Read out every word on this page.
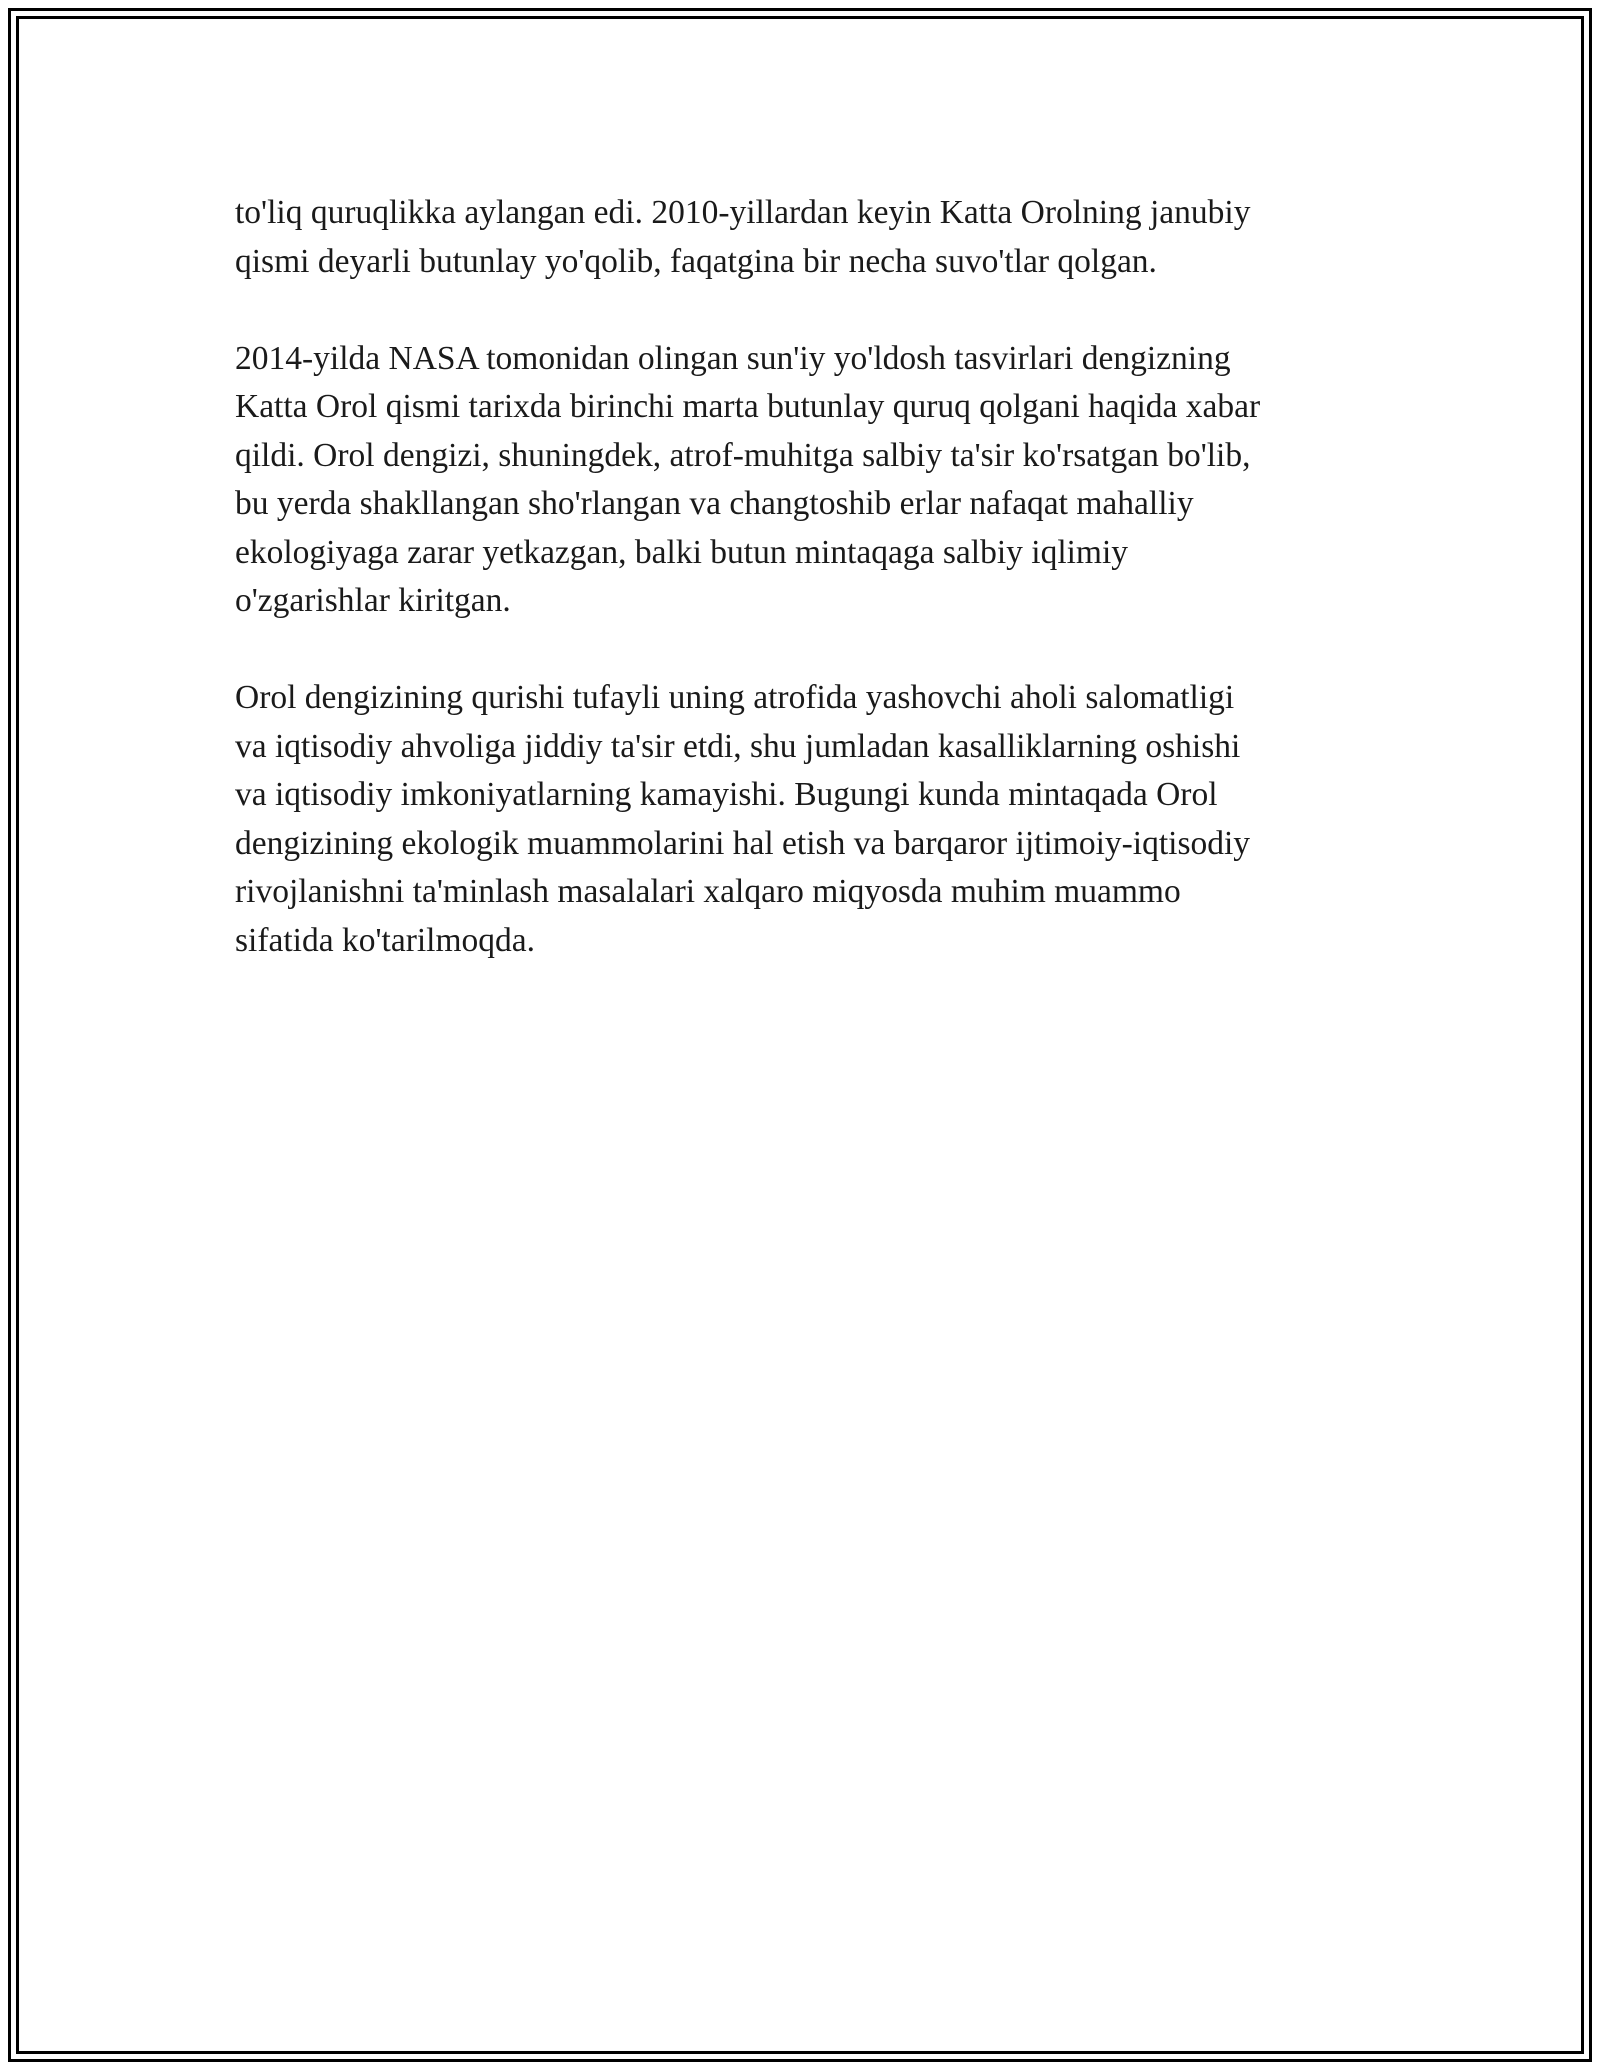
to'liq quruqlikka aylangan edi. 2010-yillardan keyin Katta Orolning janubiy
qismi deyarli butunlay yo'qolib, faqatgina bir necha suvo'tlar qolgan.

2014-yilda NASA tomonidan olingan sun'iy yo'ldosh tasvirlari dengizning
Katta Orol qismi tarixda birinchi marta butunlay quruq qolgani haqida xabar
qildi. Orol dengizi, shuningdek, atrof-muhitga salbiy ta'sir ko'rsatgan bo'lib,
bu yerda shakllangan sho'rlangan va changtoshib erlar nafaqat mahalliy
ekologiyaga zarar yetkazgan, balki butun mintaqaga salbiy iqlimiy
o'zgarishlar kiritgan.

Orol dengizining qurishi tufayli uning atrofida yashovchi aholi salomatligi
va iqtisodiy ahvoliga jiddiy ta'sir etdi, shu jumladan kasalliklarning oshishi
va iqtisodiy imkoniyatlarning kamayishi. Bugungi kunda mintaqada Orol
dengizining ekologik muammolarini hal etish va barqaror ijtimoiy-iqtisodiy
rivojlanishni ta'minlash masalalari xalqaro miqyosda muhim muammo
sifatida ko'tarilmoqda.
